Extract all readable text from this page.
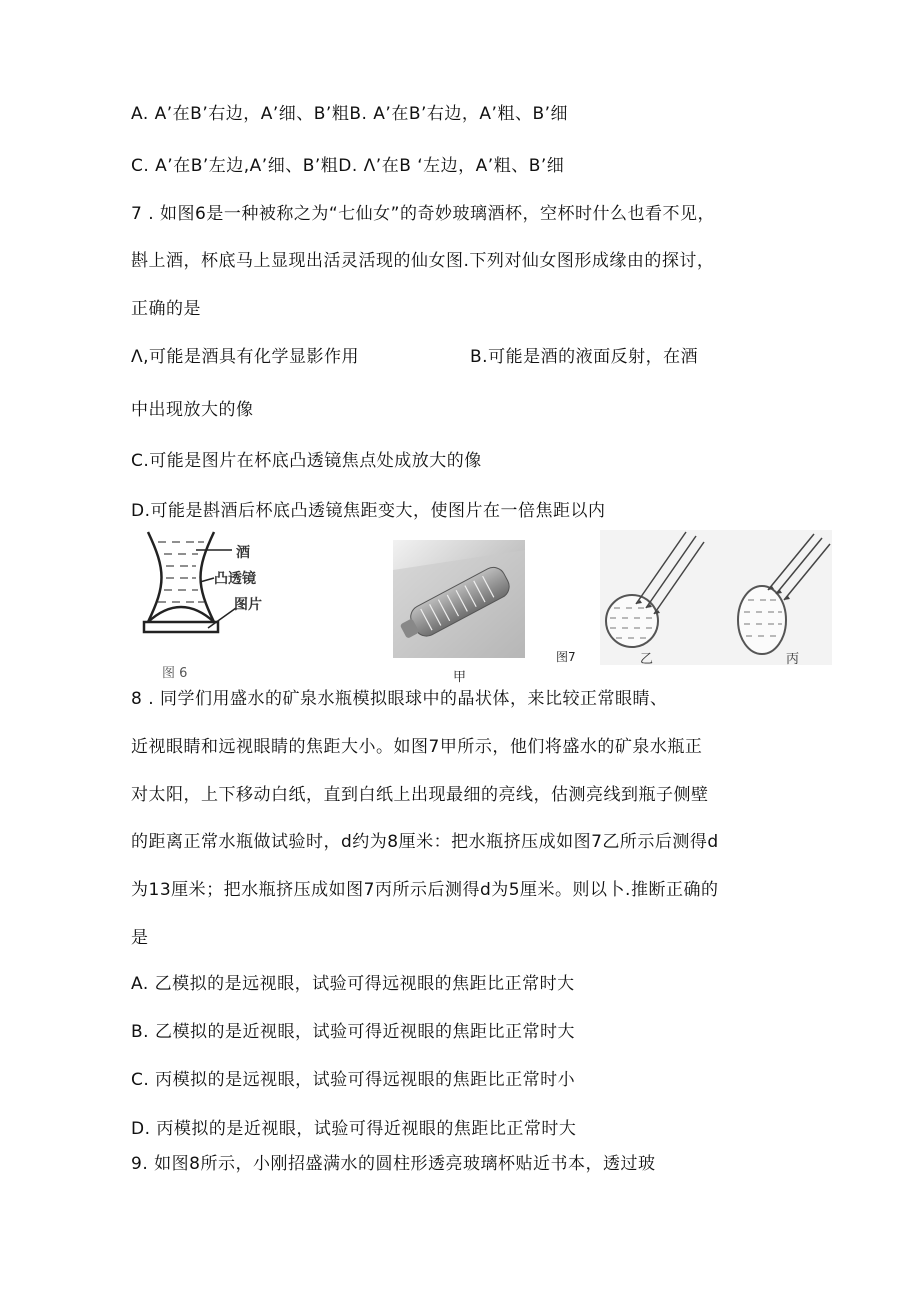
A. A’在B’右边，A’细、B’粗B. A’在B’右边，A’粗、B’细
C. A’在B’左边,A’细、B’粗D. Λ’在B ‘左边，A’粗、B’细
7 . 如图6是一种被称之为“七仙女”的奇妙玻璃酒杯，空杯时什么也看不见，
斟上酒，杯底马上显现出活灵活现的仙女图.下列对仙女图形成缘由的探讨，
正确的是
Λ,可能是酒具有化学显影作用	B.可能是酒的液面反射，在酒
中出现放大的像
C.可能是图片在杯底凸透镜焦点处成放大的像
D.可能是斟酒后杯底凸透镜焦距变大，使图片在一倍焦距以内
酒
凸透镜
图片
图 6	甲
图7	乙	丙
8 . 同学们用盛水的矿泉水瓶模拟眼球中的晶状体，来比较正常眼睛、
近视眼睛和远视眼睛的焦距大小。如图7甲所示，他们将盛水的矿泉水瓶正
对太阳，上下移动白纸，直到白纸上出现最细的亮线，估测亮线到瓶子侧壁
的距离正常水瓶做试验时，d约为8厘米：把水瓶挤压成如图7乙所示后测得d
为13厘米；把水瓶挤压成如图7丙所示后测得d为5厘米。则以卜.推断正确的
是
A. 乙模拟的是远视眼，试验可得远视眼的焦距比正常时大
B. 乙模拟的是近视眼，试验可得近视眼的焦距比正常时大
C. 丙模拟的是远视眼，试验可得远视眼的焦距比正常时小
D. 丙模拟的是近视眼，试验可得近视眼的焦距比正常时大
9. 如图8所示，小刚招盛满水的圆柱形透亮玻璃杯贴近书本，透过玻
